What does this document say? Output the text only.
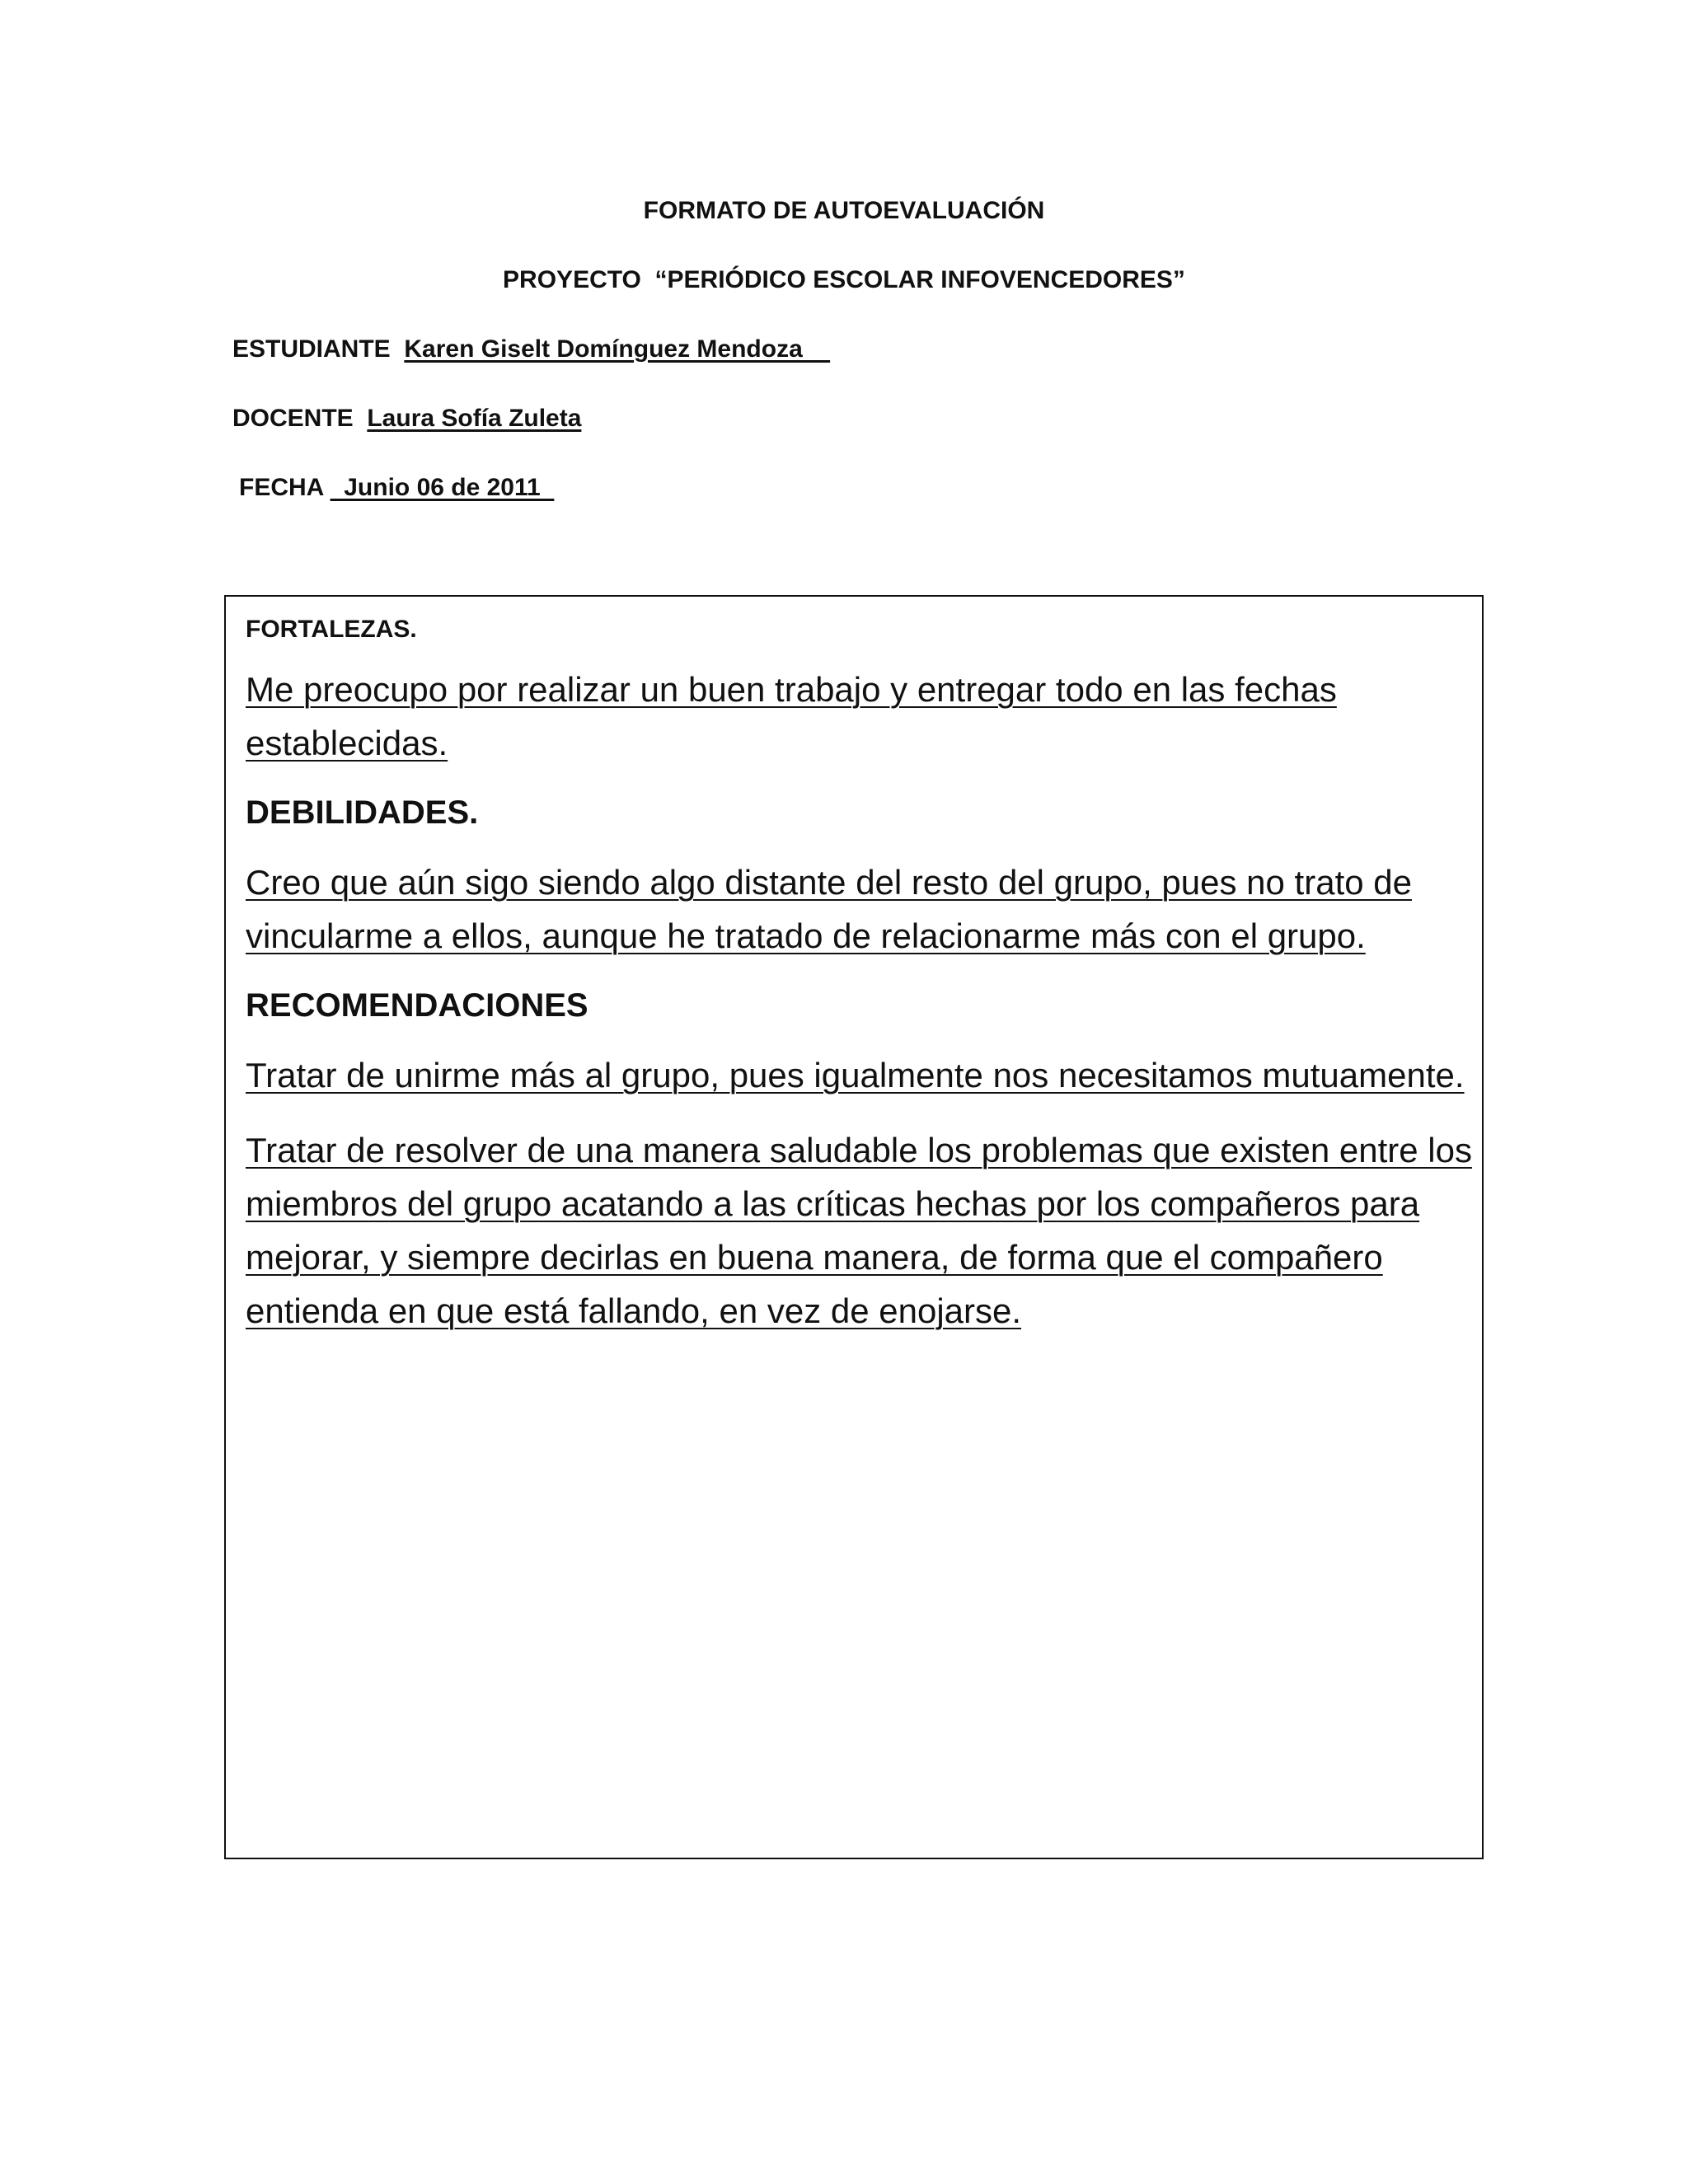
FORMATO DE AUTOEVALUACIÓN
PROYECTO  “PERIÓDICO ESCOLAR INFOVENCEDORES”
ESTUDIANTE Karen Giselt Domínguez Mendoza
DOCENTE Laura Sofía Zuleta
FECHA   Junio 06 de 2011
FORTALEZAS.

Me preocupo por realizar un buen trabajo y entregar todo en las fechas establecidas.

DEBILIDADES.

Creo que aún sigo siendo algo distante del resto del grupo, pues no trato de vincularme a ellos, aunque he tratado de relacionarme más con el grupo.

RECOMENDACIONES

Tratar de unirme más al grupo, pues igualmente nos necesitamos mutuamente.

Tratar de resolver de una manera saludable los problemas que existen entre los miembros del grupo acatando a las críticas hechas por los compañeros para mejorar, y siempre decirlas en buena manera, de forma que el compañero entienda en que está fallando, en vez de enojarse.
